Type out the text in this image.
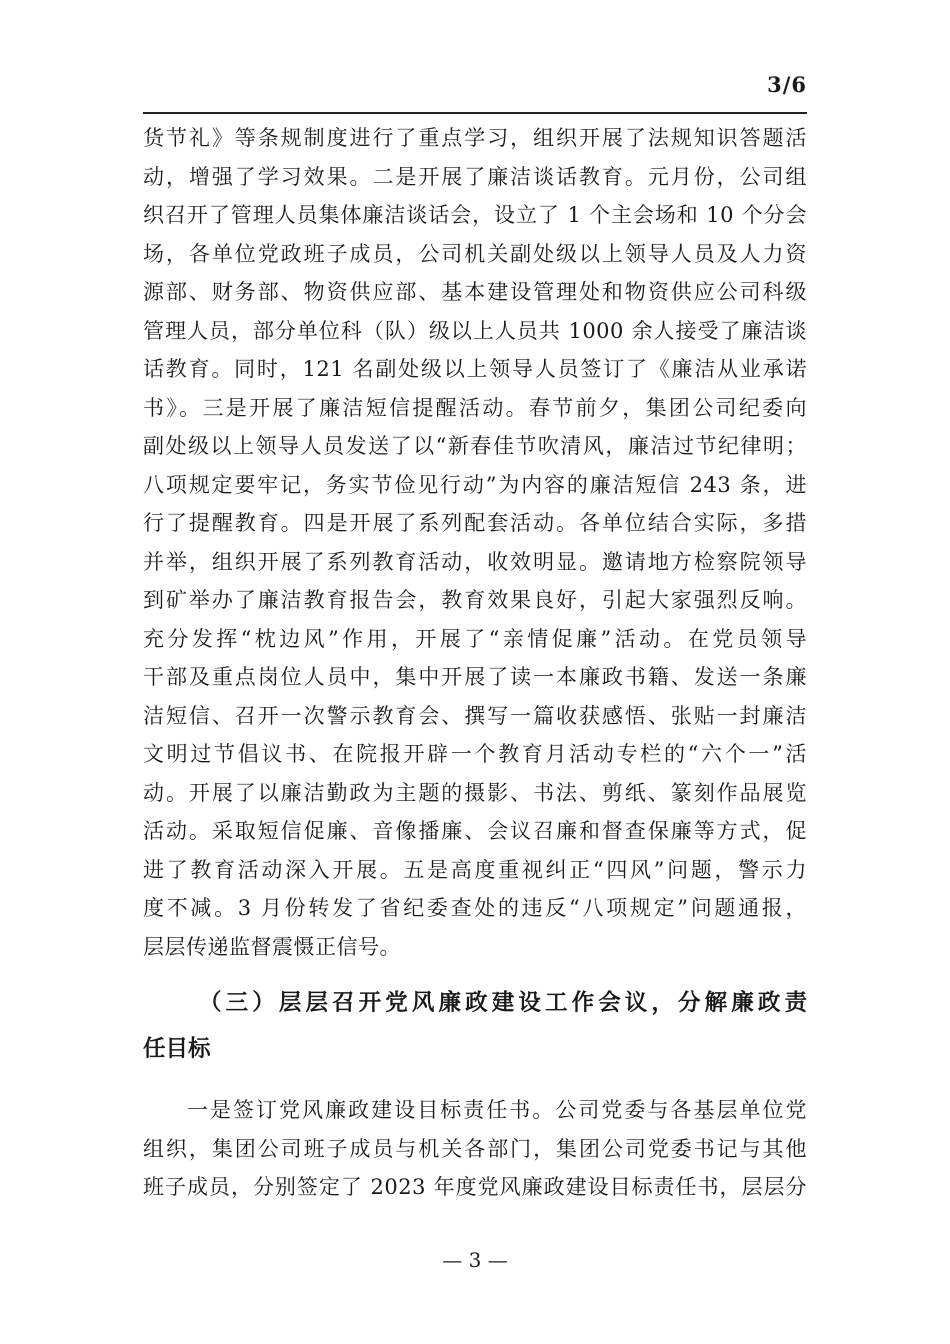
3/6
货节礼》等条规制度进行了重点学习，组织开展了法规知识答题活
动，增强了学习效果。二是开展了廉洁谈话教育。元月份，公司组
织召开了管理人员集体廉洁谈话会，设立了 1 个主会场和 10 个分会
场，各单位党政班子成员，公司机关副处级以上领导人员及人力资
源部、财务部、物资供应部、基本建设管理处和物资供应公司科级
管理人员，部分单位科（队）级以上人员共 1000 余人接受了廉洁谈
话教育。同时，121 名副处级以上领导人员签订了《廉洁从业承诺
书》。三是开展了廉洁短信提醒活动。春节前夕，集团公司纪委向
副处级以上领导人员发送了以“新春佳节吹清风，廉洁过节纪律明；
八项规定要牢记，务实节俭见行动”为内容的廉洁短信 243 条，进
行了提醒教育。四是开展了系列配套活动。各单位结合实际，多措
并举，组织开展了系列教育活动，收效明显。邀请地方检察院领导
到矿举办了廉洁教育报告会，教育效果良好，引起大家强烈反响。
充分发挥“枕边风”作用，开展了“亲情促廉”活动。在党员领导
干部及重点岗位人员中，集中开展了读一本廉政书籍、发送一条廉
洁短信、召开一次警示教育会、撰写一篇收获感悟、张贴一封廉洁
文明过节倡议书、在院报开辟一个教育月活动专栏的“六个一”活
动。开展了以廉洁勤政为主题的摄影、书法、剪纸、篆刻作品展览
活动。采取短信促廉、音像播廉、会议召廉和督查保廉等方式，促
进了教育活动深入开展。五是高度重视纠正“四风”问题，警示力
度不减。3 月份转发了省纪委查处的违反“八项规定”问题通报，
层层传递监督震慑正信号。
（三）层层召开党风廉政建设工作会议，分解廉政责
任目标
一是签订党风廉政建设目标责任书。公司党委与各基层单位党
组织，集团公司班子成员与机关各部门，集团公司党委书记与其他
班子成员，分别签定了 2023 年度党风廉政建设目标责任书，层层分
— 3 —
